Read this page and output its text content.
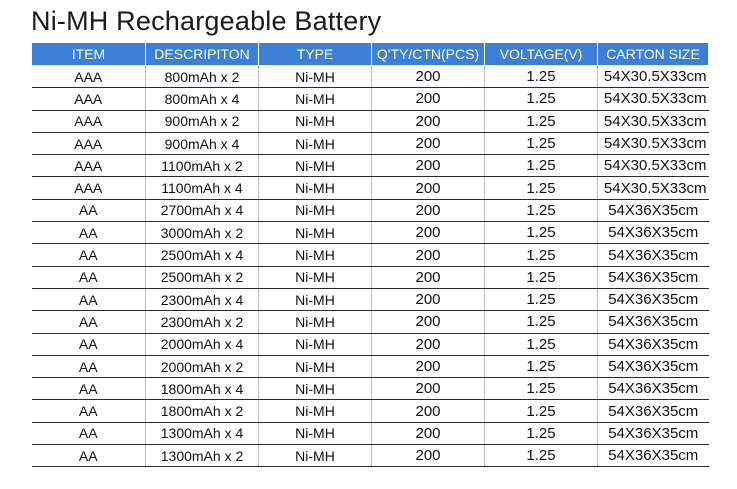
Ni-MH Rechargeable Battery
ITEM	DESCRIPITON	TYPE	Q'TY/CTN(PCS)	VOLTAGE(V)	CARTON SIZE
AAA	800mAh x 2	Ni-MH	200	1.25	54X30.5X33cm
AAA	800mAh x 4	Ni-MH	200	1.25	54X30.5X33cm
AAA	900mAh x 2	Ni-MH	200	1.25	54X30.5X33cm
AAA	900mAh x 4	Ni-MH	200	1.25	54X30.5X33cm
AAA	1100mAh x 2	Ni-MH	200	1.25	54X30.5X33cm
AAA	1100mAh x 4	Ni-MH	200	1.25	54X30.5X33cm
AA	2700mAh x 4	Ni-MH	200	1.25	54X36X35cm
AA	3000mAh x 2	Ni-MH	200	1.25	54X36X35cm
AA	2500mAh x 4	Ni-MH	200	1.25	54X36X35cm
AA	2500mAh x 2	Ni-MH	200	1.25	54X36X35cm
AA	2300mAh x 4	Ni-MH	200	1.25	54X36X35cm
AA	2300mAh x 2	Ni-MH	200	1.25	54X36X35cm
AA	2000mAh x 4	Ni-MH	200	1.25	54X36X35cm
AA	2000mAh x 2	Ni-MH	200	1.25	54X36X35cm
AA	1800mAh x 4	Ni-MH	200	1.25	54X36X35cm
AA	1800mAh x 2	Ni-MH	200	1.25	54X36X35cm
AA	1300mAh x 4	Ni-MH	200	1.25	54X36X35cm
AA	1300mAh x 2	Ni-MH	200	1.25	54X36X35cm
